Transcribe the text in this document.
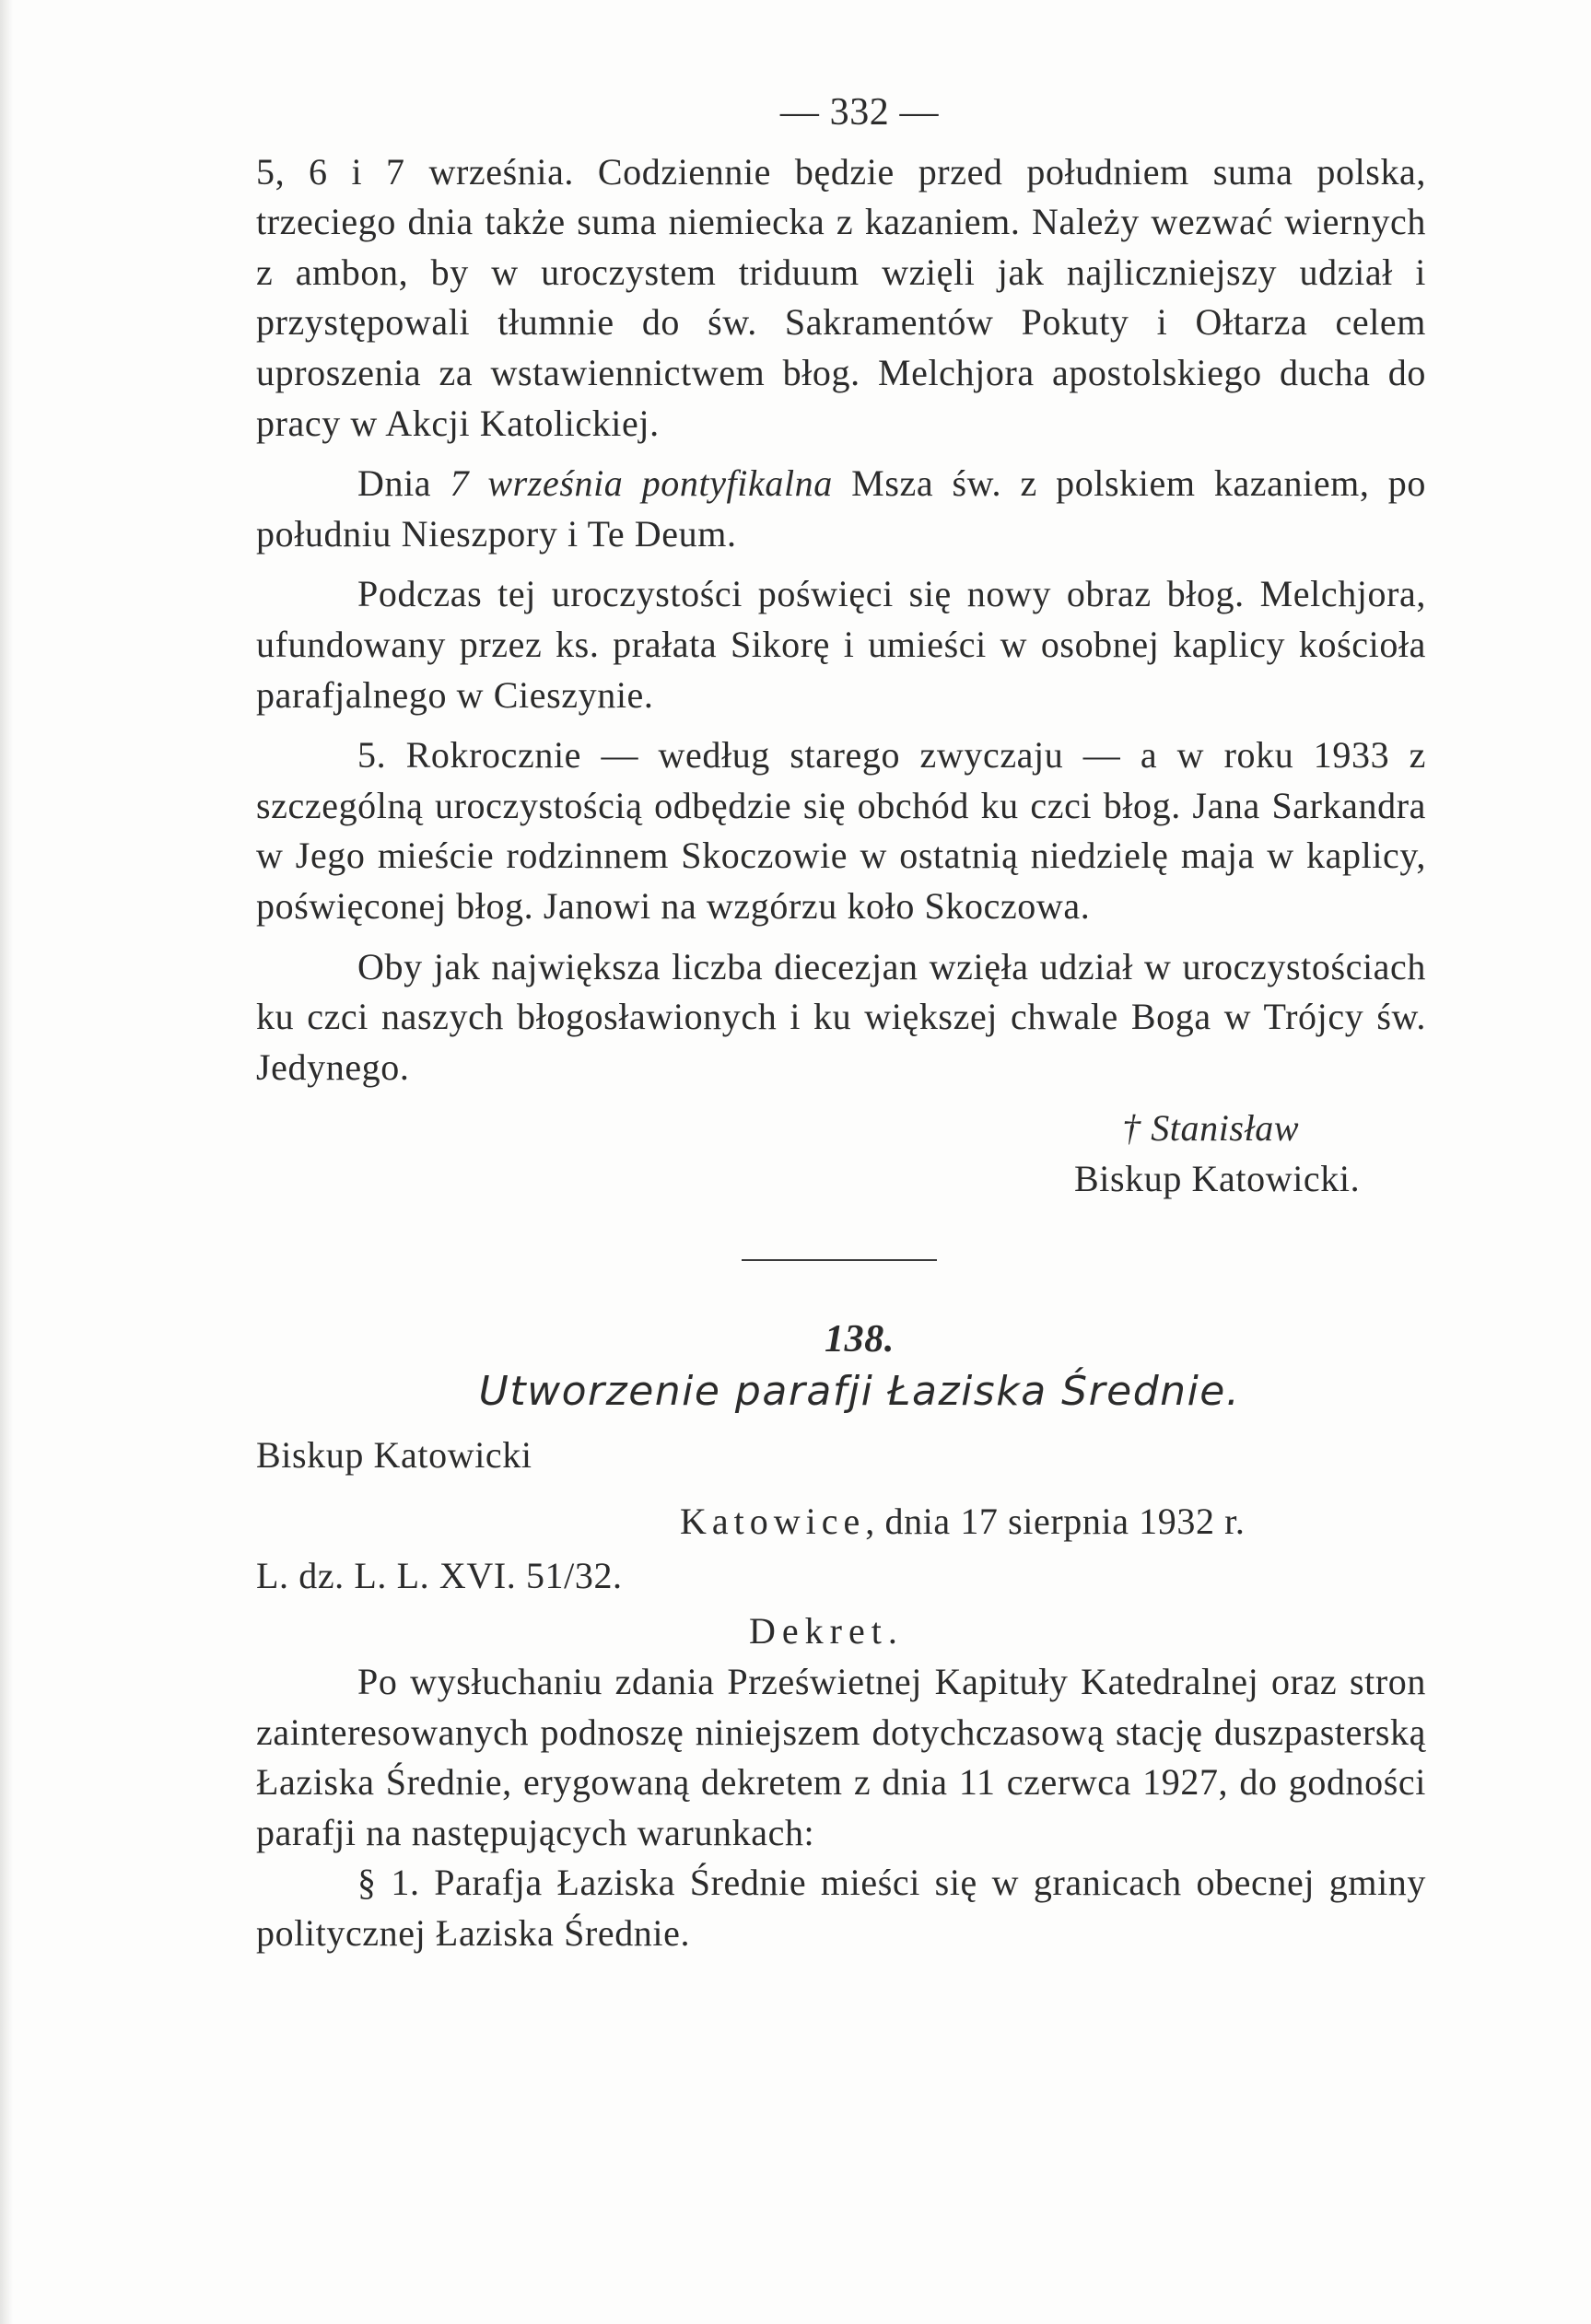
— 332 —

5, 6 i 7 września. Codziennie będzie przed południem suma polska, trzeciego dnia także suma niemiecka z kazaniem. Należy wezwać wiernych z ambon, by w uroczystem triduum wzięli jak najliczniejszy udział i przystępowali tłumnie do św. Sakramentów Pokuty i Ołtarza celem uproszenia za wstawiennictwem błog. Melchjora apostolskiego ducha do pracy w Akcji Katolickiej.

Dnia 7 września pontyfikalna Msza św. z polskiem kazaniem, po południu Nieszpory i Te Deum.

Podczas tej uroczystości poświęci się nowy obraz błog. Melchjora, ufundowany przez ks. prałata Sikorę i umieści w osobnej kaplicy kościoła parafjalnego w Cieszynie.

5. Rokrocznie — według starego zwyczaju — a w roku 1933 z szczególną uroczystością odbędzie się obchód ku czci błog. Jana Sarkandra w Jego mieście rodzinnem Skoczowie w ostatnią niedzielę maja w kaplicy, poświęconej błog. Janowi na wzgórzu koło Skoczowa.

Oby jak największa liczba diecezjan wzięła udział w uroczystościach ku czci naszych błogosławionych i ku większej chwale Boga w Trójcy św. Jedynego.

† Stanisław
Biskup Katowicki.
138.
Utworzenie parafji Łaziska Średnie.

Biskup Katowicki

Katowice, dnia 17 sierpnia 1932 r.

L. dz. L. L. XVI. 51/32.

Dekret.

Po wysłuchaniu zdania Prześwietnej Kapituły Katedralnej oraz stron zainteresowanych podnoszę niniejszem dotychczasową stację duszpasterską Łaziska Średnie, erygowaną dekretem z dnia 11 czerwca 1927, do godności parafji na następujących warunkach:

§ 1. Parafja Łaziska Średnie mieści się w granicach obecnej gminy politycznej Łaziska Średnie.
